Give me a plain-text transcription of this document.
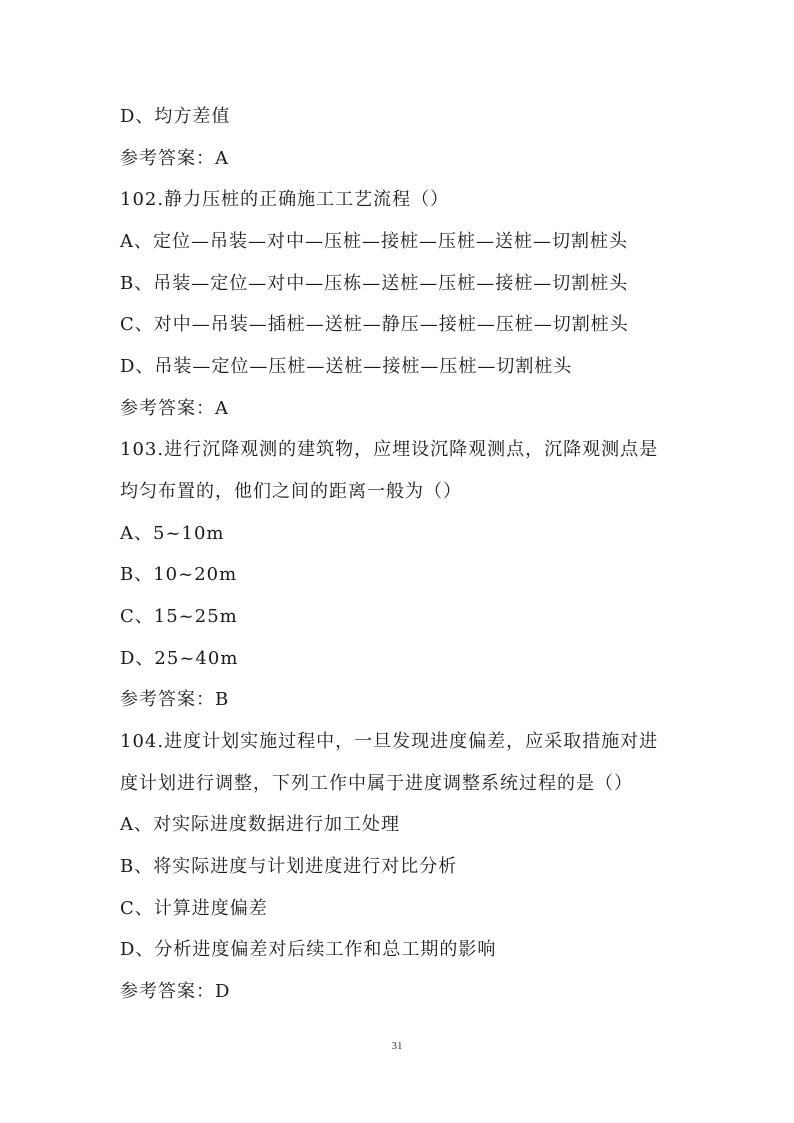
D、均方差值
参考答案：A
102.静力压桩的正确施工工艺流程（）
A、定位—吊装—对中—压桩—接桩—压桩—送桩—切割桩头
B、吊装—定位—对中—压栋—送桩—压桩—接桩—切割桩头
C、对中—吊装—插桩—送桩—静压—接桩—压桩—切割桩头
D、吊装—定位—压桩—送桩—接桩—压桩—切割桩头
参考答案：A
103.进行沉降观测的建筑物，应埋设沉降观测点，沉降观测点是
均匀布置的，他们之间的距离一般为（）
A、5~10m
B、10~20m
C、15~25m
D、25~40m
参考答案：B
104.进度计划实施过程中，一旦发现进度偏差，应采取措施对进
度计划进行调整，下列工作中属于进度调整系统过程的是（）
A、对实际进度数据进行加工处理
B、将实际进度与计划进度进行对比分析
C、计算进度偏差
D、分析进度偏差对后续工作和总工期的影响
参考答案：D
31
